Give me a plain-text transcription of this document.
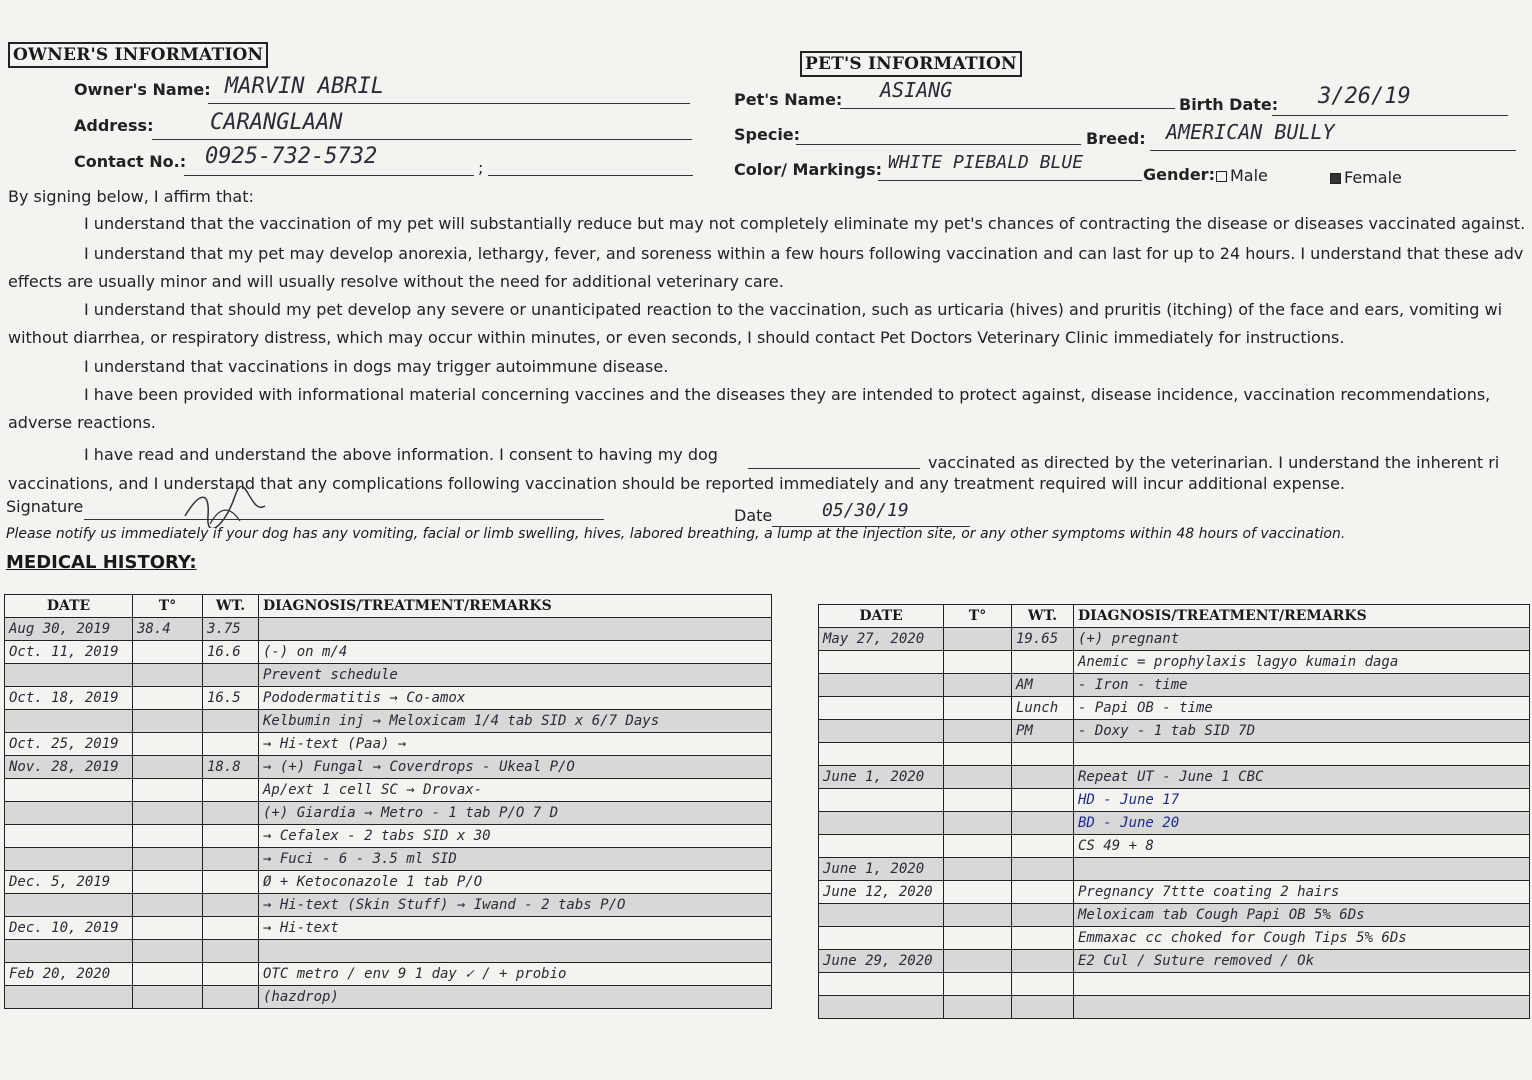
OWNER'S INFORMATION
Owner's Name: MARVIN ABRIL
Address:	CARANGLAAN
Contact No.:	;
0925-732-5732
PET'S INFORMATION
Pet's Name: ASIANG
Birth Date: 3/26/19
Specie:	Breed: AMERICAN BULLY
Color/ Markings: WHITE PIEBALD BLUE
Gender: Male	Female
By signing below, I affirm that:
I understand that the vaccination of my pet will substantially reduce but may not completely eliminate my pet's chances of contracting the disease or diseases vaccinated against.
I understand that my pet may develop anorexia, lethargy, fever, and soreness within a few hours following vaccination and can last for up to 24 hours. I understand that these adv
effects are usually minor and will usually resolve without the need for additional veterinary care.
I understand that should my pet develop any severe or unanticipated reaction to the vaccination, such as urticaria (hives) and pruritis (itching) of the face and ears, vomiting wi
without diarrhea, or respiratory distress, which may occur within minutes, or even seconds, I should contact Pet Doctors Veterinary Clinic immediately for instructions.
I understand that vaccinations in dogs may trigger autoimmune disease.
I have been provided with informational material concerning vaccines and the diseases they are intended to protect against, disease incidence, vaccination recommendations,
adverse reactions.
I have read and understand the above information. I consent to having my dog	vaccinated as directed by the veterinarian. I understand the inherent ri
vaccinations, and I understand that any complications following vaccination should be reported immediately and any treatment required will incur additional expense.
Signature	Date	05/30/19
Please notify us immediately if your dog has any vomiting, facial or limb swelling, hives, labored breathing, a lump at the injection site, or any other symptoms within 48 hours of vaccination.
MEDICAL HISTORY:
DATE	T°	WT.	DIAGNOSIS/TREATMENT/REMARKS
Aug 30, 2019	38.4	3.75	
Oct. 11, 2019		16.6	(-) on m/4
			Prevent schedule
Oct. 18, 2019		16.5	Pododermatitis → Co-amox
			Kelbumin inj → Meloxicam 1/4 tab SID x 6/7 Days
Oct. 25, 2019			→ Hi-text (Paa) →
Nov. 28, 2019		18.8	→ (+) Fungal → Coverdrops - Ukeal P/O
			Ap/ext 1 cell SC → Drovax-
			(+) Giardia → Metro - 1 tab P/O 7 D
			→ Cefalex - 2 tabs SID x 30
			→ Fuci - 6 - 3.5 ml SID
Dec. 5, 2019			Ø + Ketoconazole 1 tab P/O
			→ Hi-text (Skin Stuff) → Iwand - 2 tabs P/O
Dec. 10, 2019			→ Hi-text

Feb 20, 2020			OTC metro / env 9 1 day ✓ / + probio
			(hazdrop)
DATE	T°	WT.	DIAGNOSIS/TREATMENT/REMARKS
May 27, 2020		19.65	(+) pregnant
			Anemic = prophylaxis lagyo kumain daga
		AM	- Iron - time
		Lunch	- Papi OB - time
		PM	- Doxy - 1 tab SID 7D

June 1, 2020			Repeat UT - June 1 CBC
			HD - June 17
			BD - June 20
			CS 49 + 8
June 1, 2020			
June 12, 2020			Pregnancy 7ttte coating 2 hairs
			Meloxicam tab Cough Papi OB 5% 6Ds
			Emmaxac cc choked for Cough Tips 5% 6Ds
June 29, 2020			E2 Cul / Suture removed / Ok
